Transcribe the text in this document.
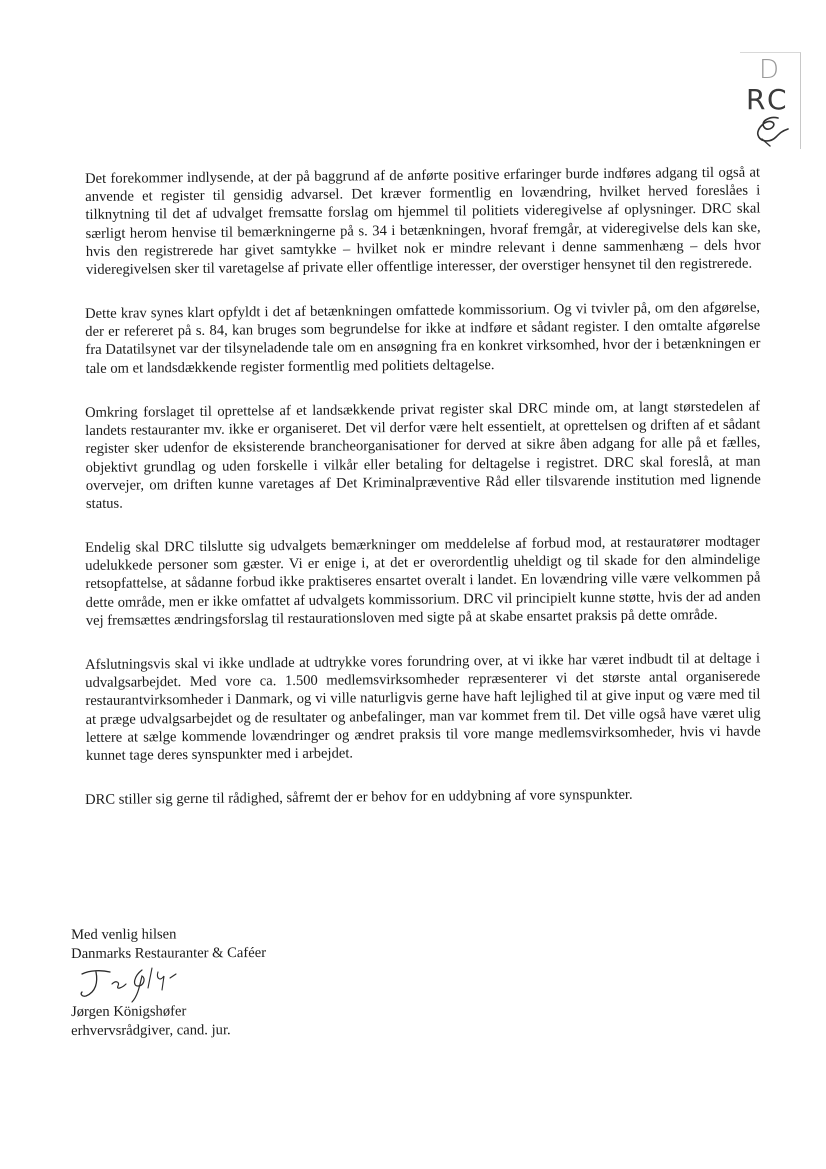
D
RC

Det forekommer indlysende, at der på baggrund af de anførte positive erfaringer burde indføres adgang til også at anvende et register til gensidig advarsel. Det kræver formentlig en lovændring, hvilket herved foreslåes i tilknytning til det af udvalget fremsatte forslag om hjemmel til politiets videregivelse af oplysninger. DRC skal særligt herom henvise til bemærkningerne på s. 34 i betænkningen, hvoraf fremgår, at videregivelse dels kan ske, hvis den registrerede har givet samtykke – hvilket nok er mindre relevant i denne sammenhæng – dels hvor videregivelsen sker til varetagelse af private eller offentlige interesser, der overstiger hensynet til den registrerede.

Dette krav synes klart opfyldt i det af betænkningen omfattede kommissorium. Og vi tvivler på, om den afgørelse, der er refereret på s. 84, kan bruges som begrundelse for ikke at indføre et sådant register. I den omtalte afgørelse fra Datatilsynet var der tilsyneladende tale om en ansøgning fra en konkret virksomhed, hvor der i betænkningen er tale om et landsdækkende register formentlig med politiets deltagelse.

Omkring forslaget til oprettelse af et landsækkende privat register skal DRC minde om, at langt størstedelen af landets restauranter mv. ikke er organiseret. Det vil derfor være helt essentielt, at oprettelsen og driften af et sådant register sker udenfor de eksisterende brancheorganisationer for derved at sikre åben adgang for alle på et fælles, objektivt grundlag og uden forskelle i vilkår eller betaling for deltagelse i registret. DRC skal foreslå, at man overvejer, om driften kunne varetages af Det Kriminalpræventive Råd eller tilsvarende institution med lignende status.

Endelig skal DRC tilslutte sig udvalgets bemærkninger om meddelelse af forbud mod, at restauratører modtager udelukkede personer som gæster. Vi er enige i, at det er overordentlig uheldigt og til skade for den almindelige retsopfattelse, at sådanne forbud ikke praktiseres ensartet overalt i landet. En lovændring ville være velkommen på dette område, men er ikke omfattet af udvalgets kommissorium. DRC vil principielt kunne støtte, hvis der ad anden vej fremsættes ændringsforslag til restaurationsloven med sigte på at skabe ensartet praksis på dette område.

Afslutningsvis skal vi ikke undlade at udtrykke vores forundring over, at vi ikke har været indbudt til at deltage i udvalgsarbejdet. Med vore ca. 1.500 medlemsvirksomheder repræsenterer vi det største antal organiserede restaurantvirksomheder i Danmark, og vi ville naturligvis gerne have haft lejlighed til at give input og være med til at præge udvalgsarbejdet og de resultater og anbefalinger, man var kommet frem til. Det ville også have været ulig lettere at sælge kommende lovændringer og ændret praksis til vore mange medlemsvirksomheder, hvis vi havde kunnet tage deres synspunkter med i arbejdet.

DRC stiller sig gerne til rådighed, såfremt der er behov for en uddybning af vore synspunkter.

Med venlig hilsen
Danmarks Restauranter & Caféer
Jørgen Königshøfer
erhvervsrådgiver, cand. jur.
